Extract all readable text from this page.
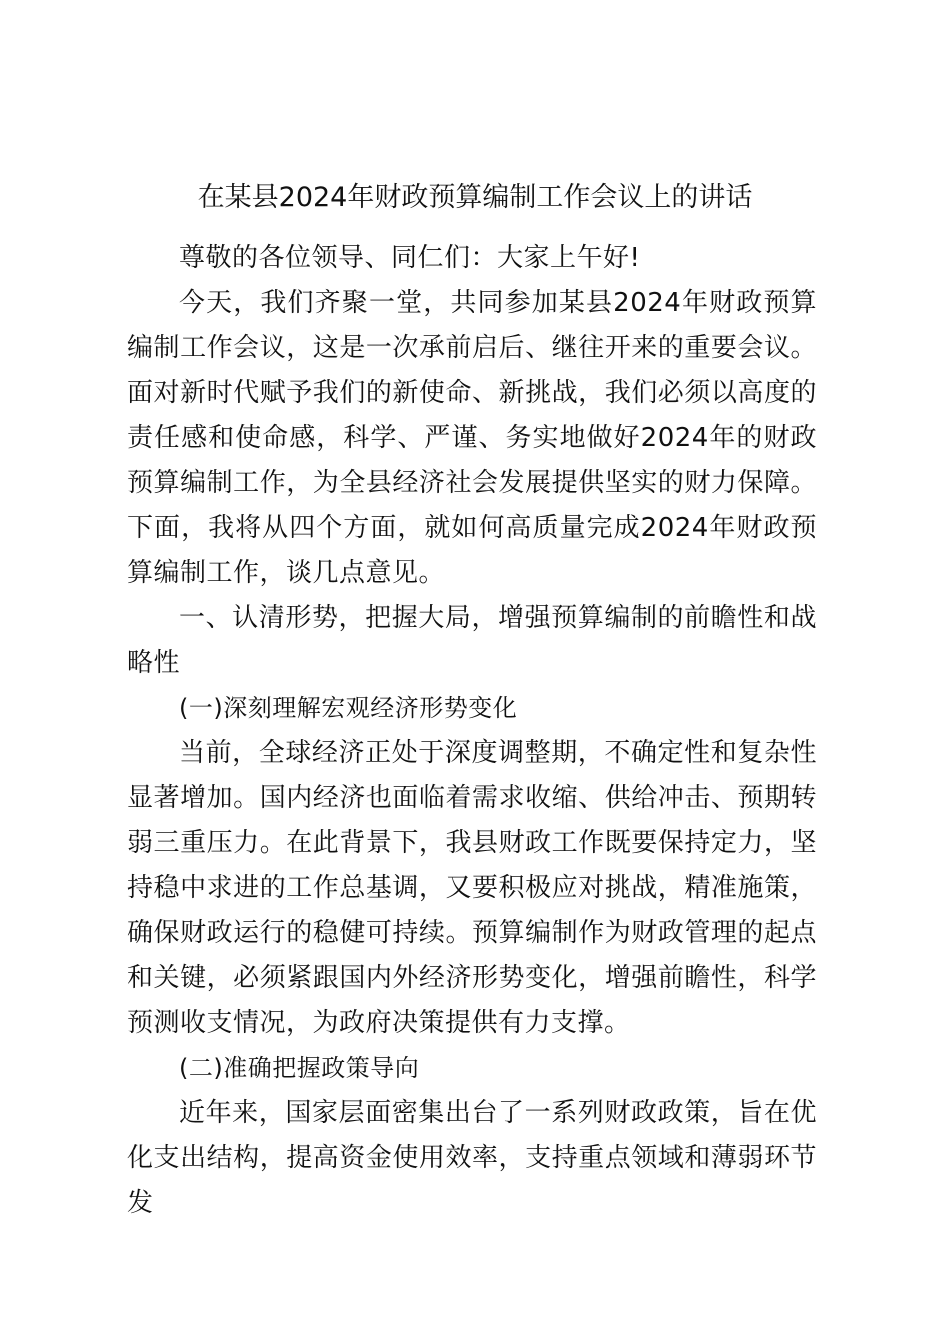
在某县2024年财政预算编制工作会议上的讲话

尊敬的各位领导、同仁们：大家上午好!

今天，我们齐聚一堂，共同参加某县2024年财政预算编制工作会议，这是一次承前启后、继往开来的重要会议。面对新时代赋予我们的新使命、新挑战，我们必须以高度的责任感和使命感，科学、严谨、务实地做好2024年的财政预算编制工作，为全县经济社会发展提供坚实的财力保障。下面，我将从四个方面，就如何高质量完成2024年财政预算编制工作，谈几点意见。

一、认清形势，把握大局，增强预算编制的前瞻性和战略性

(一)深刻理解宏观经济形势变化

当前，全球经济正处于深度调整期，不确定性和复杂性显著增加。国内经济也面临着需求收缩、供给冲击、预期转弱三重压力。在此背景下，我县财政工作既要保持定力，坚持稳中求进的工作总基调，又要积极应对挑战，精准施策，确保财政运行的稳健可持续。预算编制作为财政管理的起点和关键，必须紧跟国内外经济形势变化，增强前瞻性，科学预测收支情况，为政府决策提供有力支撑。

(二)准确把握政策导向

近年来，国家层面密集出台了一系列财政政策，旨在优化支出结构，提高资金使用效率，支持重点领域和薄弱环节发
